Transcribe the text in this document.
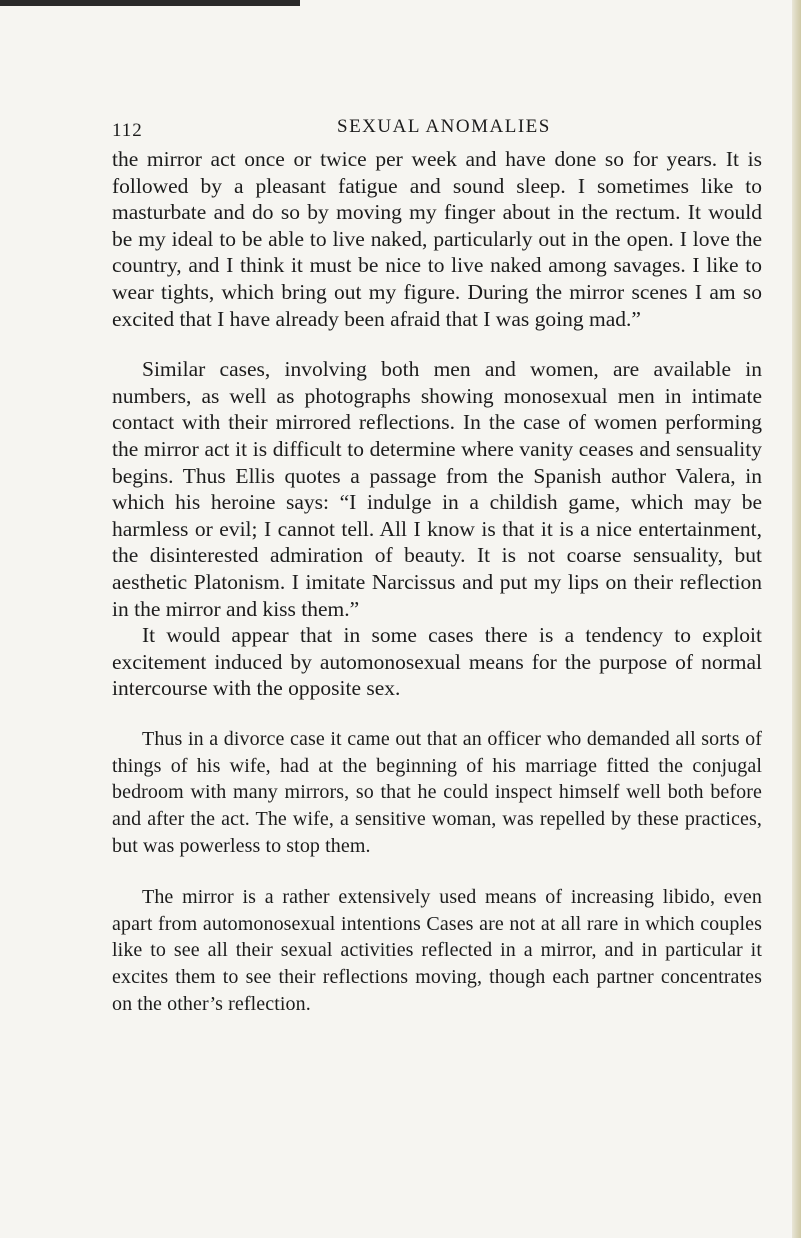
112	SEXUAL ANOMALIES

the mirror act once or twice per week and have done so for years. It is followed by a pleasant fatigue and sound sleep. I sometimes like to masturbate and do so by moving my finger about in the rectum. It would be my ideal to be able to live naked, particularly out in the open. I love the country, and I think it must be nice to live naked among savages. I like to wear tights, which bring out my figure. During the mirror scenes I am so excited that I have already been afraid that I was going mad.”

Similar cases, involving both men and women, are available in numbers, as well as photographs showing monosexual men in intimate contact with their mirrored reflections. In the case of women performing the mirror act it is difficult to determine where vanity ceases and sensuality begins. Thus Ellis quotes a passage from the Spanish author Valera, in which his heroine says: “I indulge in a childish game, which may be harmless or evil; I cannot tell. All I know is that it is a nice entertainment, the disinterested admiration of beauty. It is not coarse sensuality, but aesthetic Platonism. I imitate Narcissus and put my lips on their reflection in the mirror and kiss them.”

It would appear that in some cases there is a tendency to exploit excitement induced by automonosexual means for the purpose of normal intercourse with the opposite sex.

Thus in a divorce case it came out that an officer who demanded all sorts of things of his wife, had at the beginning of his marriage fitted the conjugal bedroom with many mirrors, so that he could inspect himself well both before and after the act. The wife, a sensitive woman, was repelled by these practices, but was powerless to stop them.

The mirror is a rather extensively used means of increasing libido, even apart from automonosexual intentions Cases are not at all rare in which couples like to see all their sexual activities reflected in a mirror, and in particular it excites them to see their reflections moving, though each partner concentrates on the other’s reflection.
